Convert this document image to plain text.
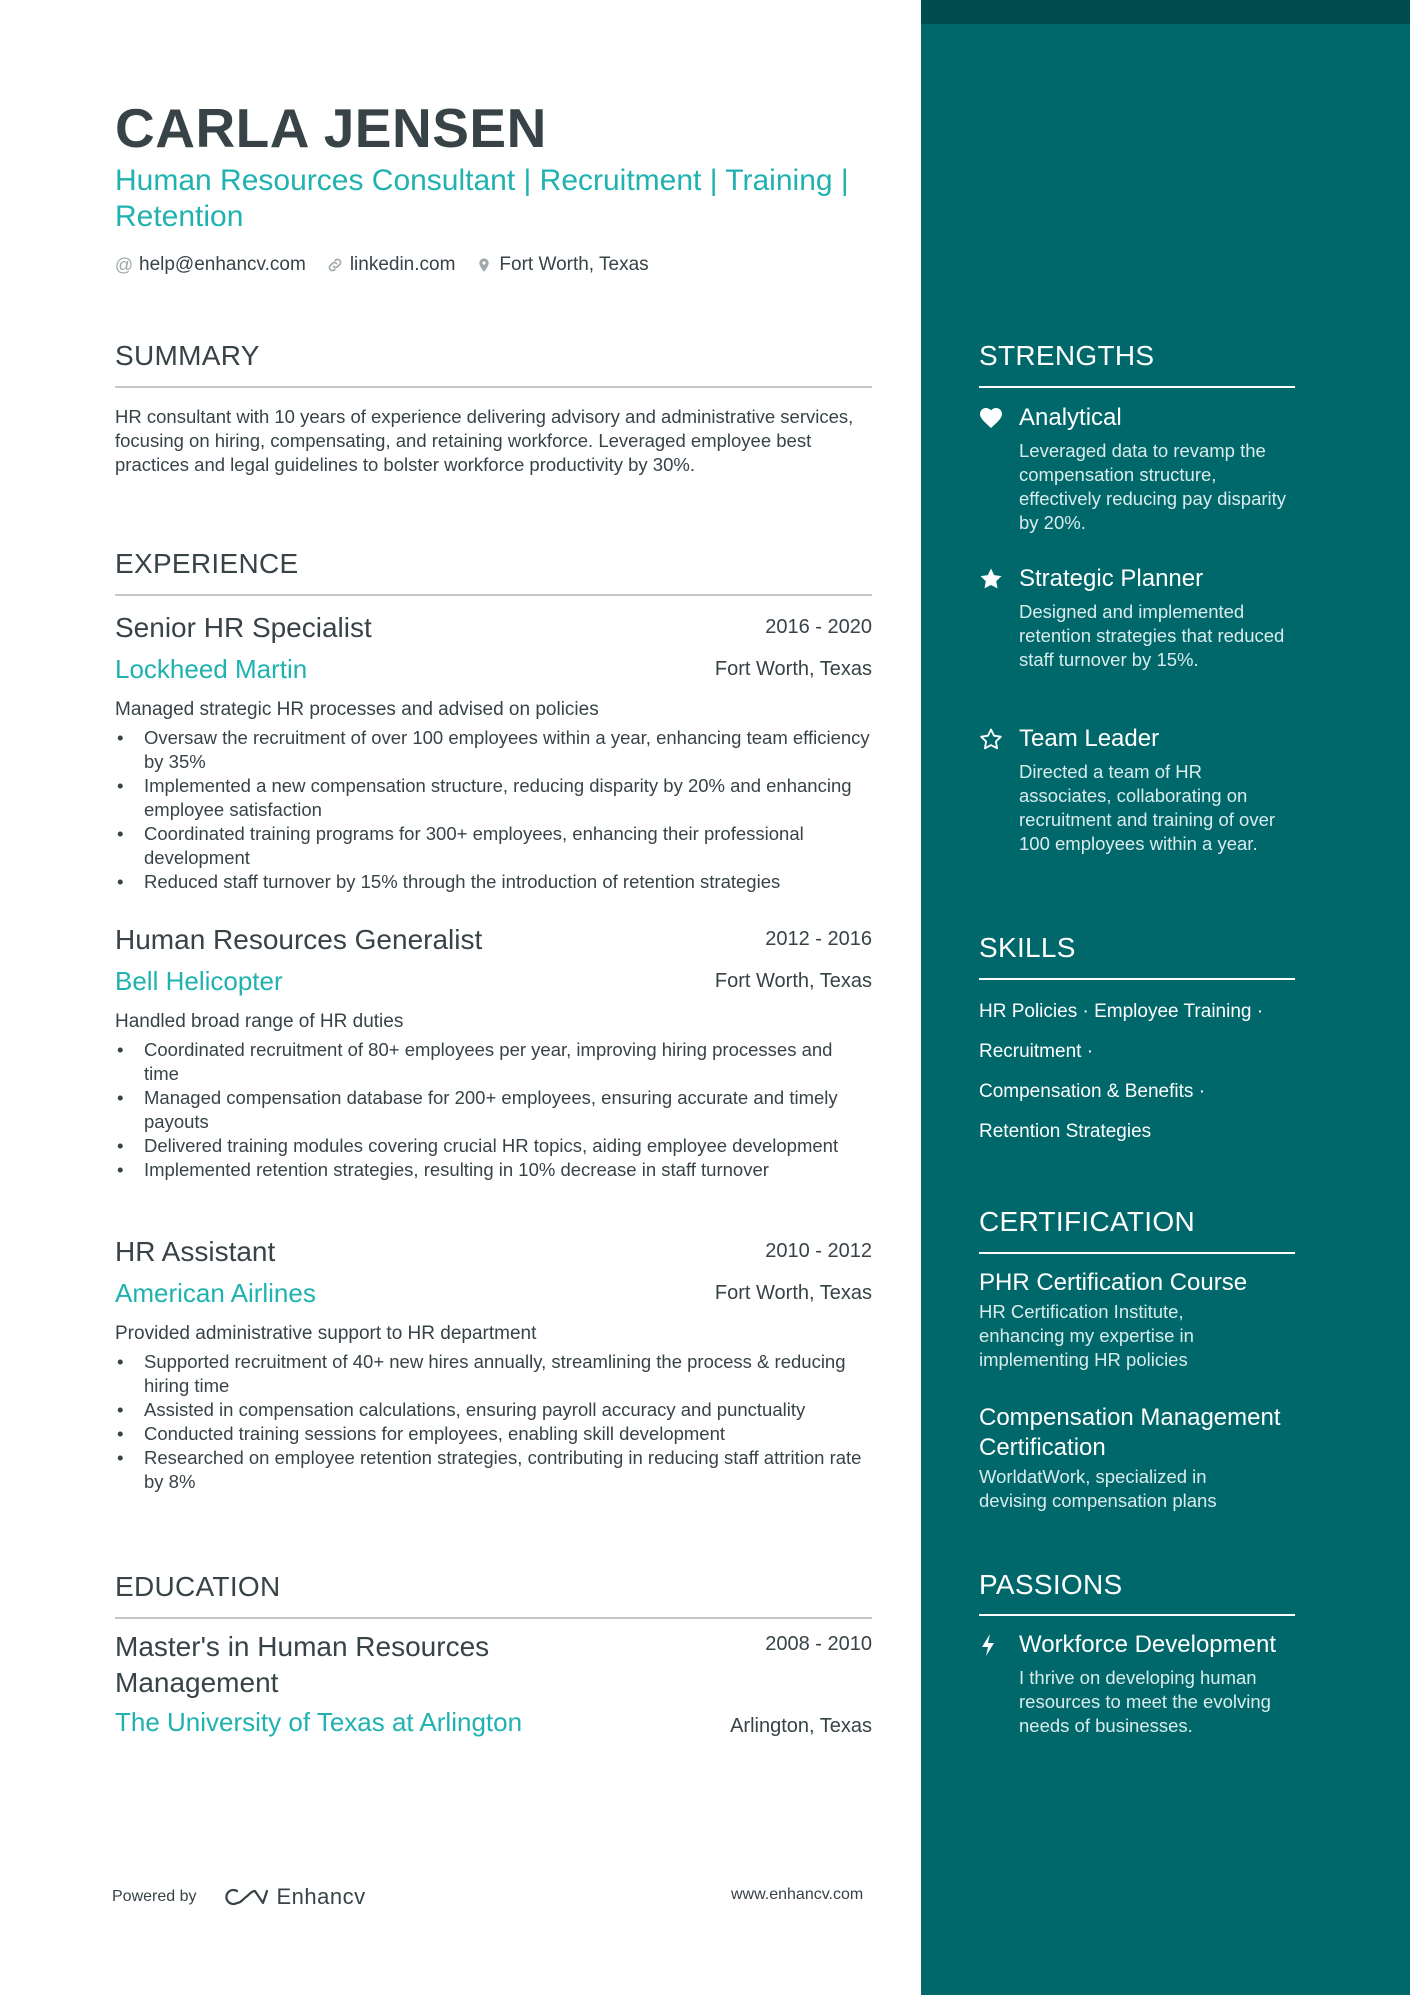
CARLA JENSEN
Human Resources Consultant | Recruitment | Training | Retention
@ help@enhancv.com linkedin.com Fort Worth, Texas
SUMMARY
HR consultant with 10 years of experience delivering advisory and administrative services, focusing on hiring, compensating, and retaining workforce. Leveraged employee best practices and legal guidelines to bolster workforce productivity by 30%.
EXPERIENCE
Senior HR Specialist	2016 - 2020
Lockheed Martin	Fort Worth, Texas
Managed strategic HR processes and advised on policies
• Oversaw the recruitment of over 100 employees within a year, enhancing team efficiency by 35%
• Implemented a new compensation structure, reducing disparity by 20% and enhancing employee satisfaction
• Coordinated training programs for 300+ employees, enhancing their professional development
• Reduced staff turnover by 15% through the introduction of retention strategies
Human Resources Generalist	2012 - 2016
Bell Helicopter	Fort Worth, Texas
Handled broad range of HR duties
• Coordinated recruitment of 80+ employees per year, improving hiring processes and time
• Managed compensation database for 200+ employees, ensuring accurate and timely payouts
• Delivered training modules covering crucial HR topics, aiding employee development
• Implemented retention strategies, resulting in 10% decrease in staff turnover
HR Assistant	2010 - 2012
American Airlines	Fort Worth, Texas
Provided administrative support to HR department
• Supported recruitment of 40+ new hires annually, streamlining the process & reducing hiring time
• Assisted in compensation calculations, ensuring payroll accuracy and punctuality
• Conducted training sessions for employees, enabling skill development
• Researched on employee retention strategies, contributing in reducing staff attrition rate by 8%
EDUCATION
Master's in Human Resources Management
2008 - 2010
The University of Texas at Arlington	Arlington, Texas
Powered by	Enhancv	www.enhancv.com
STRENGTHS
Analytical
Leveraged data to revamp the compensation structure, effectively reducing pay disparity by 20%.
Strategic Planner
Designed and implemented retention strategies that reduced staff turnover by 15%.
Team Leader
Directed a team of HR associates, collaborating on recruitment and training of over 100 employees within a year.
SKILLS
HR Policies · Employee Training ·
Recruitment ·
Compensation & Benefits ·
Retention Strategies
CERTIFICATION
PHR Certification Course
HR Certification Institute, enhancing my expertise in implementing HR policies
Compensation Management Certification
WorldatWork, specialized in devising compensation plans
PASSIONS
Workforce Development
I thrive on developing human resources to meet the evolving needs of businesses.
